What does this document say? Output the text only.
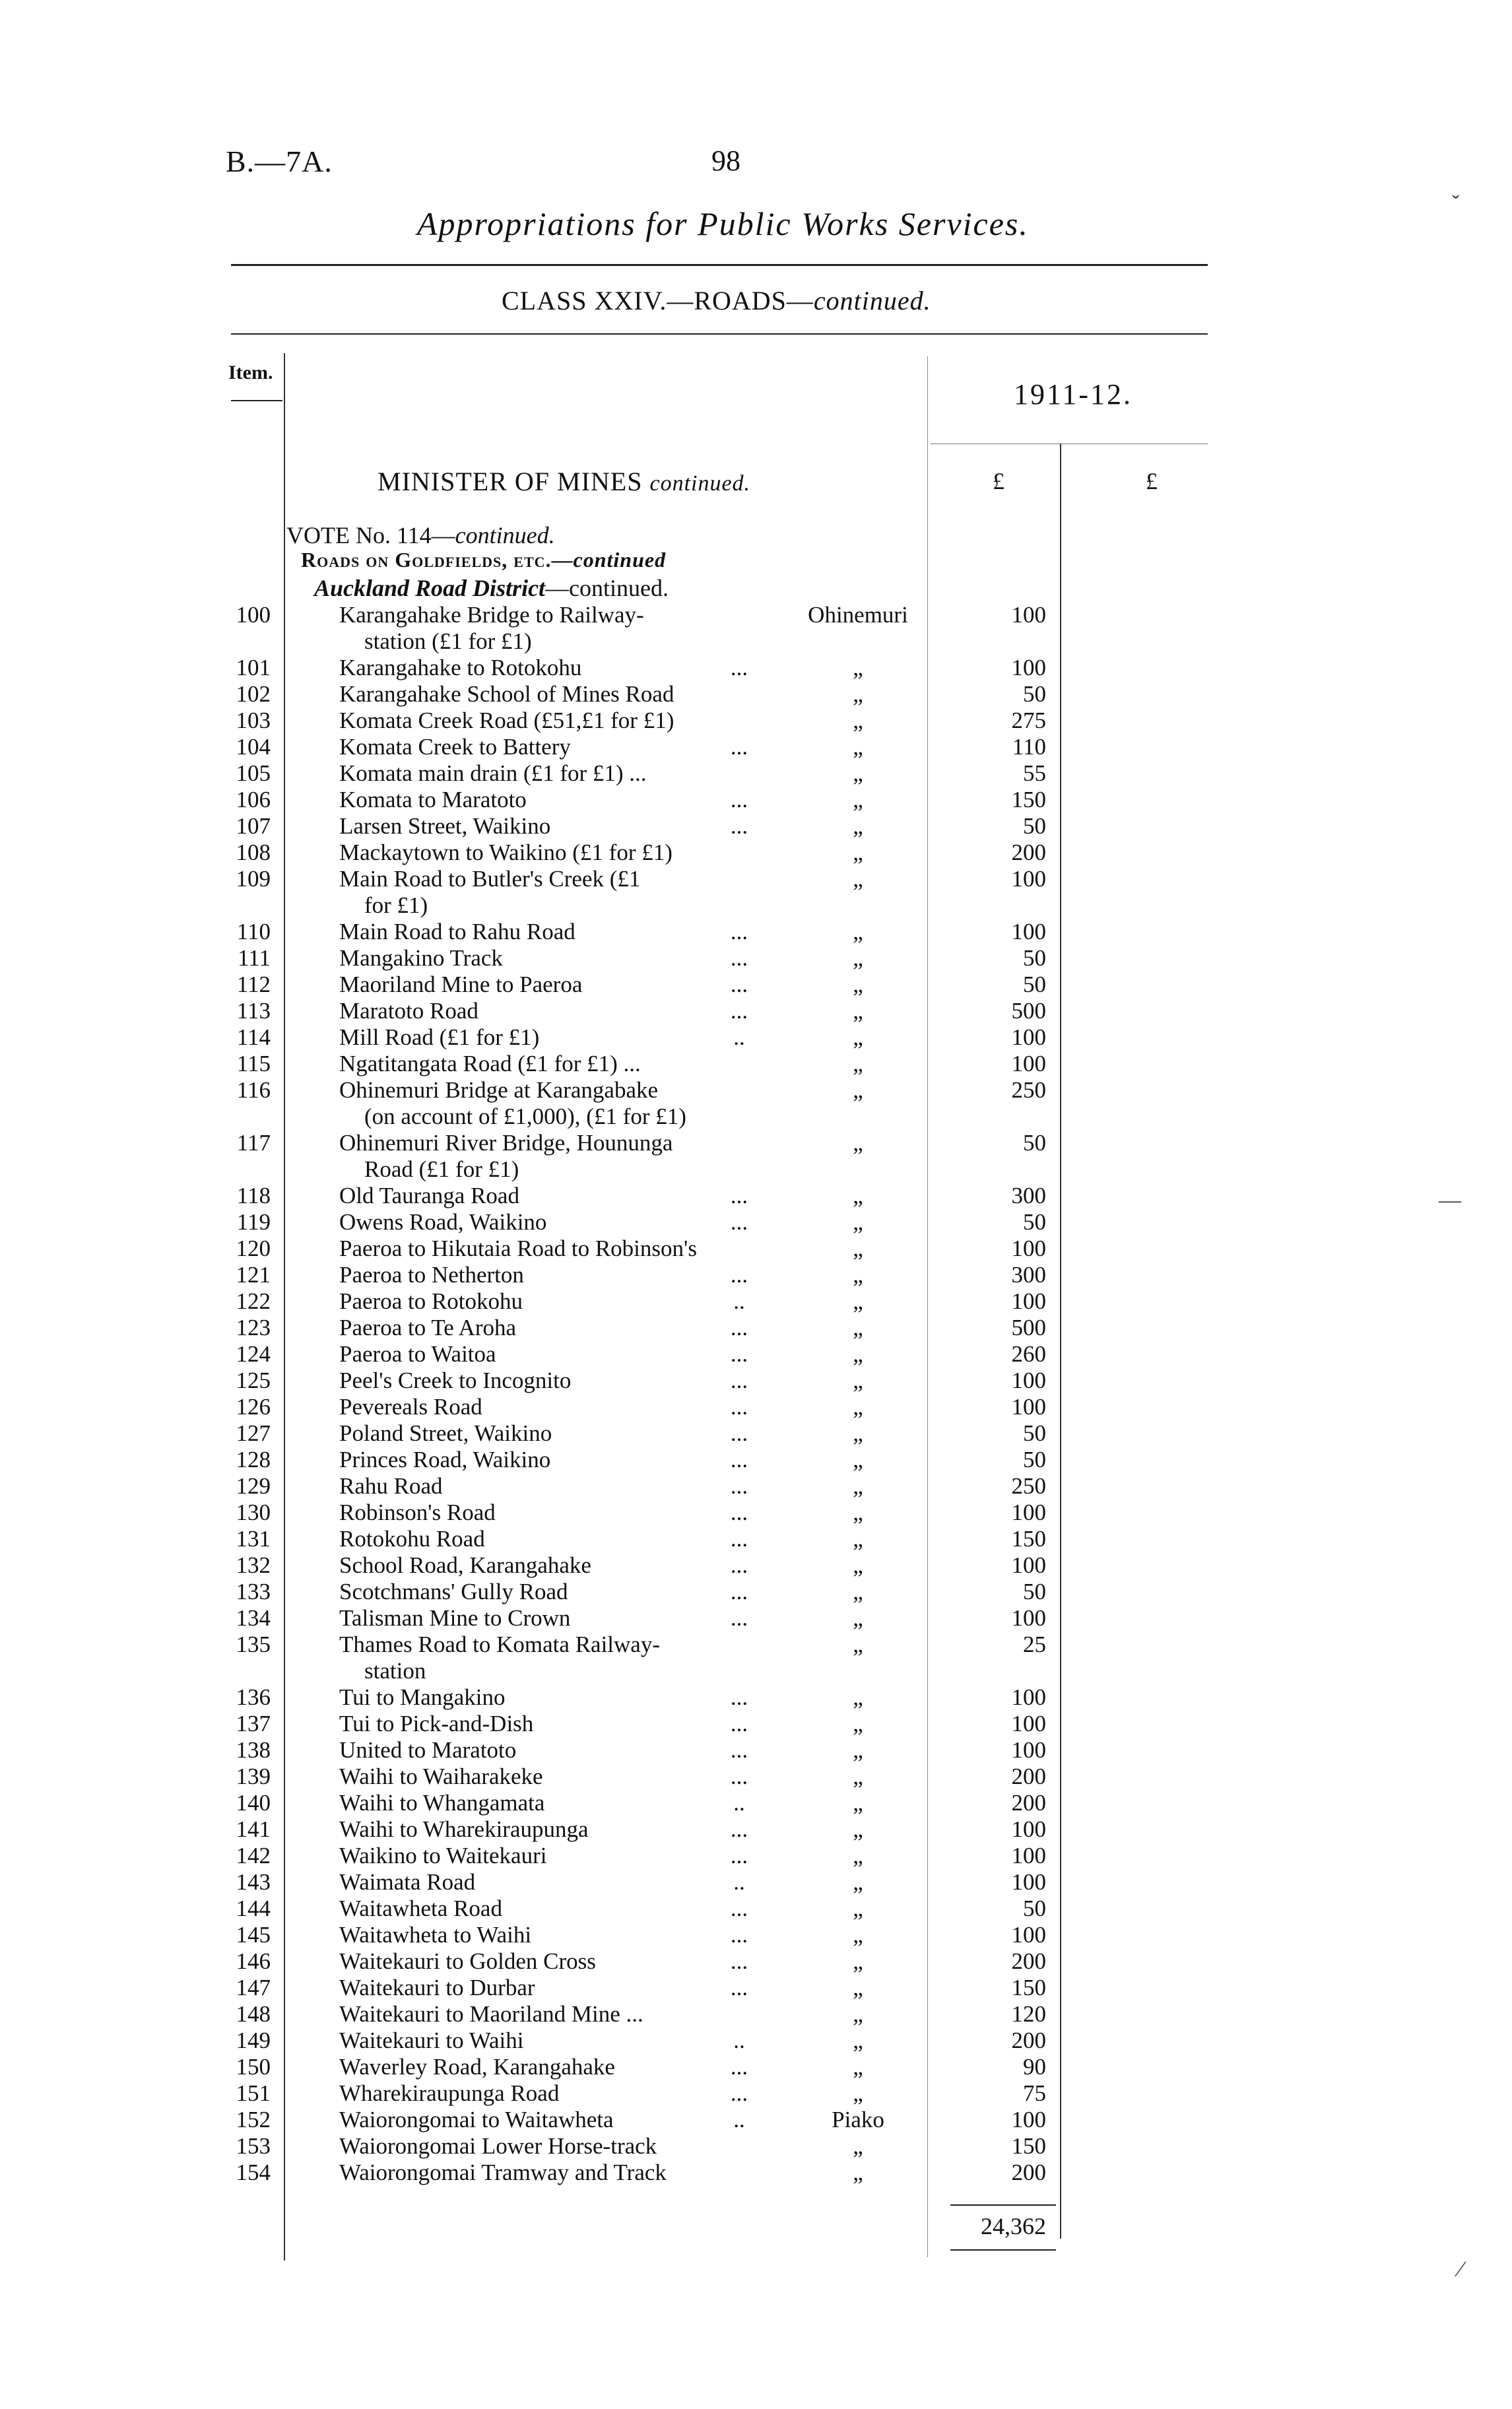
B.—7A.	98
Appropriations for Public Works Services.
CLASS XXIV.—ROADS—continued.
Item.
1911-12.
MINISTER OF MINES continued.	£	£
VOTE No. 114—continued.
Roads on Goldfields, etc.—continued
Auckland Road District—continued.
100	Karangahake Bridge to Railway-	Ohinemuri	100
station (£1 for £1)
101	Karangahake to Rotokohu	...	„	100
102	Karangahake School of Mines Road	„	50
103	Komata Creek Road (£51,£1 for £1)	„	275
104	Komata Creek to Battery	...	„	110
105	Komata main drain (£1 for £1) ...	„	55
106	Komata to Maratoto	...	„	150
107	Larsen Street, Waikino	...	„	50
108	Mackaytown to Waikino (£1 for £1)	„	200
109	Main Road to Butler's Creek (£1	„	100
for £1)
110	Main Road to Rahu Road	...	„	100
111	Mangakino Track	...	„	50
112	Maoriland Mine to Paeroa	...	„	50
113	Maratoto Road	...	„	500
114	Mill Road (£1 for £1)	..	„	100
115	Ngatitangata Road (£1 for £1) ...	„	100
116	Ohinemuri Bridge at Karangabake	„	250
(on account of £1,000), (£1 for £1)
117	Ohinemuri River Bridge, Hoununga	„	50
Road (£1 for £1)
118	Old Tauranga Road	...	„	300
119	Owens Road, Waikino	...	„	50
120	Paeroa to Hikutaia Road to Robinson's	„	100
121	Paeroa to Netherton	...	„	300
122	Paeroa to Rotokohu	..	„	100
123	Paeroa to Te Aroha	...	„	500
124	Paeroa to Waitoa	...	„	260
125	Peel's Creek to Incognito	...	„	100
126	Pevereals Road	...	„	100
127	Poland Street, Waikino	...	„	50
128	Princes Road, Waikino	...	„	50
129	Rahu Road	...	„	250
130	Robinson's Road	...	„	100
131	Rotokohu Road	...	„	150
132	School Road, Karangahake	...	„	100
133	Scotchmans' Gully Road	...	„	50
134	Talisman Mine to Crown	...	„	100
135	Thames Road to Komata Railway-	„	25
station
136	Tui to Mangakino	...	„	100
137	Tui to Pick-and-Dish	...	„	100
138	United to Maratoto	...	„	100
139	Waihi to Waiharakeke	...	„	200
140	Waihi to Whangamata	..	„	200
141	Waihi to Wharekiraupunga	...	„	100
142	Waikino to Waitekauri	...	„	100
143	Waimata Road	..	„	100
144	Waitawheta Road	...	„	50
145	Waitawheta to Waihi	...	„	100
146	Waitekauri to Golden Cross	...	„	200
147	Waitekauri to Durbar	...	„	150
148	Waitekauri to Maoriland Mine ...	„	120
149	Waitekauri to Waihi	..	„	200
150	Waverley Road, Karangahake	...	„	90
151	Wharekiraupunga Road	...	„	75
152	Waiorongomai to Waitawheta	..	Piako	100
153	Waiorongomai Lower Horse-track	„	150
154	Waiorongomai Tramway and Track	„	200
24,362
ˇ
—
⁄
